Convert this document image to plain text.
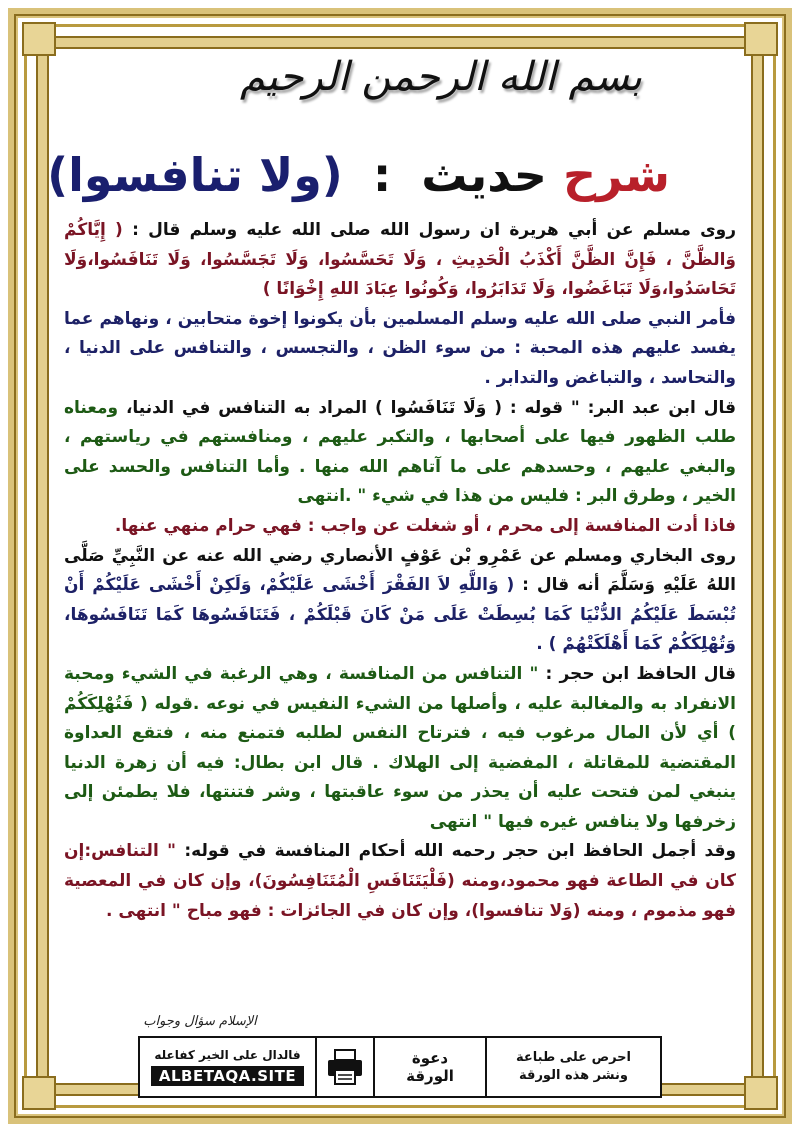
بسم الله الرحمن الرحيم
شرح حديث : (ولا تنافسوا)

روى مسلم عن أبي هريرة ان رسول الله صلى الله عليه وسلم قال : ( إِيَّاكُمْ وَالظَّنَّ ، فَإِنَّ الظَّنَّ أَكْذَبُ الْحَدِيثِ ، وَلَا تَحَسَّسُوا، وَلَا تَجَسَّسُوا، وَلَا تَنَافَسُوا،وَلَا تَحَاسَدُوا،وَلَا تَبَاغَضُوا، وَلَا تَدَابَرُوا، وَكُونُوا عِبَادَ اللهِ إِخْوَانًا )

فأمر النبي صلى الله عليه وسلم المسلمين بأن يكونوا إخوة متحابين ، ونهاهم عما يفسد عليهم هذه المحبة : من سوء الظن ، والتجسس ، والتنافس على الدنيا ، والتحاسد ، والتباغض والتدابر .

قال ابن عبد البر: " قوله : ( وَلَا تَنَافَسُوا ) المراد به التنافس في الدنيا، ومعناه طلب الظهور فيها على أصحابها ، والتكبر عليهم ، ومنافستهم في رياستهم ، والبغي عليهم ، وحسدهم على ما آتاهم الله منها . وأما التنافس والحسد على الخير ، وطرق البر : فليس من هذا في شيء " .انتهى

فاذا أدت المنافسة إلى محرم ، أو شغلت عن واجب : فهي حرام منهي عنها.

روى البخاري ومسلم عن عَمْرِو بْن عَوْفٍ الأنصاري رضي الله عنه عن النَّبِيِّ صَلَّى اللهُ عَلَيْهِ وَسَلَّمَ أنه قال : ( وَاللَّهِ لاَ الفَقْرَ أَخْشَى عَلَيْكُمْ، وَلَكِنْ أَخْشَى عَلَيْكُمْ أَنْ تُبْسَطَ عَلَيْكُمُ الدُّنْيَا كَمَا بُسِطَتْ عَلَى مَنْ كَانَ قَبْلَكُمْ ، فَتَنَافَسُوهَا كَمَا تَنَافَسُوهَا، وَتُهْلِكَكُمْ كَمَا أَهْلَكَتْهُمْ ) .

قال الحافظ ابن حجر : " التنافس من المنافسة ، وهي الرغبة في الشيء ومحبة الانفراد به والمغالبة عليه ، وأصلها من الشيء النفيس في نوعه .قوله ( فَتُهْلِكَكُمْ ) أي لأن المال مرغوب فيه ، فترتاح النفس لطلبه فتمنع منه ، فتقع العداوة المقتضية للمقاتلة ، المفضية إلى الهلاك . قال ابن بطال: فيه أن زهرة الدنيا ينبغي لمن فتحت عليه أن يحذر من سوء عاقبتها ، وشر فتنتها، فلا يطمئن إلى زخرفها ولا ينافس غيره فيها " انتهى

وقد أجمل الحافظ ابن حجر رحمه الله أحكام المنافسة في قوله: " التنافس:إن كان في الطاعة فهو محمود،ومنه (فَلْيَتَنَافَسِ الْمُتَنَافِسُونَ)، وإن كان في المعصية فهو مذموم ، ومنه (وَلا تنافسوا)، وإن كان في الجائزات : فهو مباح " انتهى .

الإسلام سؤال وجواب
فالدال على الخير كفاعله
ALBETAQA.SITE
دعوة
الورقة
احرص على طباعة
ونشر هذه الورقة
